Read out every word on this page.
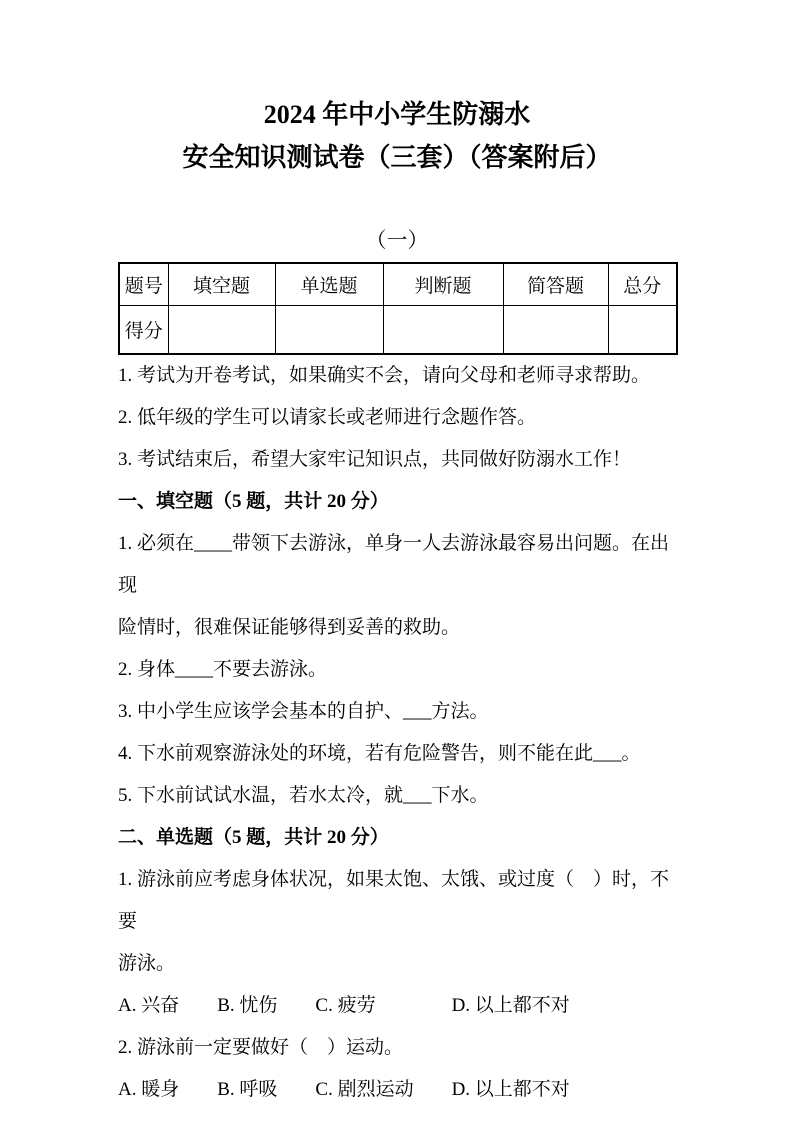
2024 年中小学生防溺水
安全知识测试卷（三套）（答案附后）
（一）
题号	填空题	单选题	判断题	简答题	总分
得分					
1. 考试为开卷考试，如果确实不会，请向父母和老师寻求帮助。
2. 低年级的学生可以请家长或老师进行念题作答。
3. 考试结束后，希望大家牢记知识点，共同做好防溺水工作！
一、填空题（5 题，共计 20 分）
1. 必须在____带领下去游泳，单身一人去游泳最容易出问题。在出现
险情时，很难保证能够得到妥善的救助。
2. 身体____不要去游泳。
3. 中小学生应该学会基本的自护、___方法。
4. 下水前观察游泳处的环境，若有危险警告，则不能在此___。
5. 下水前试试水温，若水太冷，就___下水。
二、单选题（5 题，共计 20 分）
1. 游泳前应考虑身体状况，如果太饱、太饿、或过度（　）时，不要
游泳。
A. 兴奋　　B. 忧伤　　C. 疲劳　　　　D. 以上都不对
2. 游泳前一定要做好（　）运动。
A. 暖身　　B. 呼吸　　C. 剧烈运动　　D. 以上都不对
